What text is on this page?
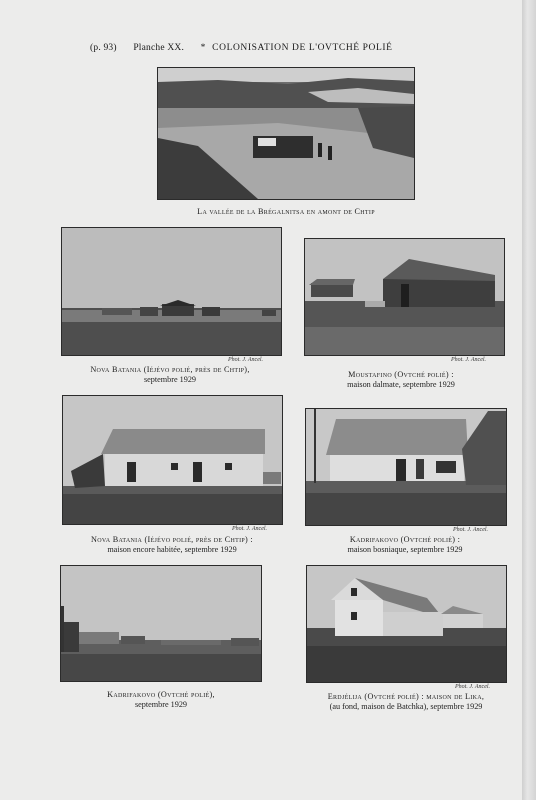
(p. 93) Planche XX. * COLONISATION DE L'OVTCHÉ POLIÉ
La vallée de la Brégalnitsa en amont de Chtip
Phot. J. Ancel.
Nova Batania (Iéjévo polié, près de Chtip),
septembre 1929
Phot. J. Ancel.
Moustafino (Ovtché polié) :
maison dalmate, septembre 1929
Phot. J. Ancel.
Nova Batania (Iéjévo polié, près de Chtip) :
maison encore habitée, septembre 1929
Phot. J. Ancel.
Kadrifakovo (Ovtché polié) :
maison bosniaque, septembre 1929
Kadrifakovo (Ovtché polié),
septembre 1929
Phot. J. Ancel.
Erdjélija (Ovtché polié) : maison de Lika,
(au fond, maison de Batchka), septembre 1929
